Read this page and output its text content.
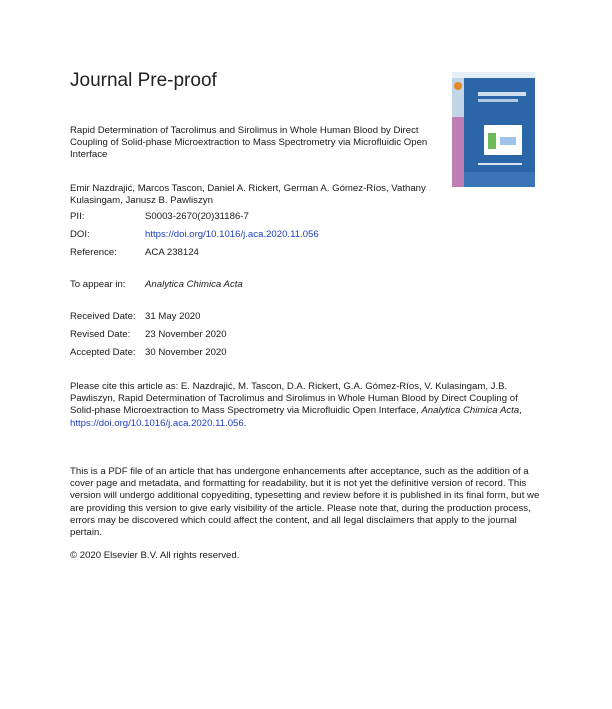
Journal Pre-proof
Rapid Determination of Tacrolimus and Sirolimus in Whole Human Blood by Direct Coupling of Solid-phase Microextraction to Mass Spectrometry via Microfluidic Open Interface
Emir Nazdrajić, Marcos Tascon, Daniel A. Rickert, German A. Gómez-Ríos, Vathany Kulasingam, Janusz B. Pawliszyn
PII:	S0003-2670(20)31186-7
DOI:	https://doi.org/10.1016/j.aca.2020.11.056
Reference:	ACA 238124
To appear in: Analytica Chimica Acta
Received Date: 31 May 2020
Revised Date: 23 November 2020
Accepted Date: 30 November 2020
Please cite this article as: E. Nazdrajić, M. Tascon, D.A. Rickert, G.A. Gómez-Ríos, V. Kulasingam, J.B. Pawliszyn, Rapid Determination of Tacrolimus and Sirolimus in Whole Human Blood by Direct Coupling of Solid-phase Microextraction to Mass Spectrometry via Microfluidic Open Interface, Analytica Chimica Acta, https://doi.org/10.1016/j.aca.2020.11.056.
This is a PDF file of an article that has undergone enhancements after acceptance, such as the addition of a cover page and metadata, and formatting for readability, but it is not yet the definitive version of record. This version will undergo additional copyediting, typesetting and review before it is published in its final form, but we are providing this version to give early visibility of the article. Please note that, during the production process, errors may be discovered which could affect the content, and all legal disclaimers that apply to the journal pertain.
© 2020 Elsevier B.V. All rights reserved.
